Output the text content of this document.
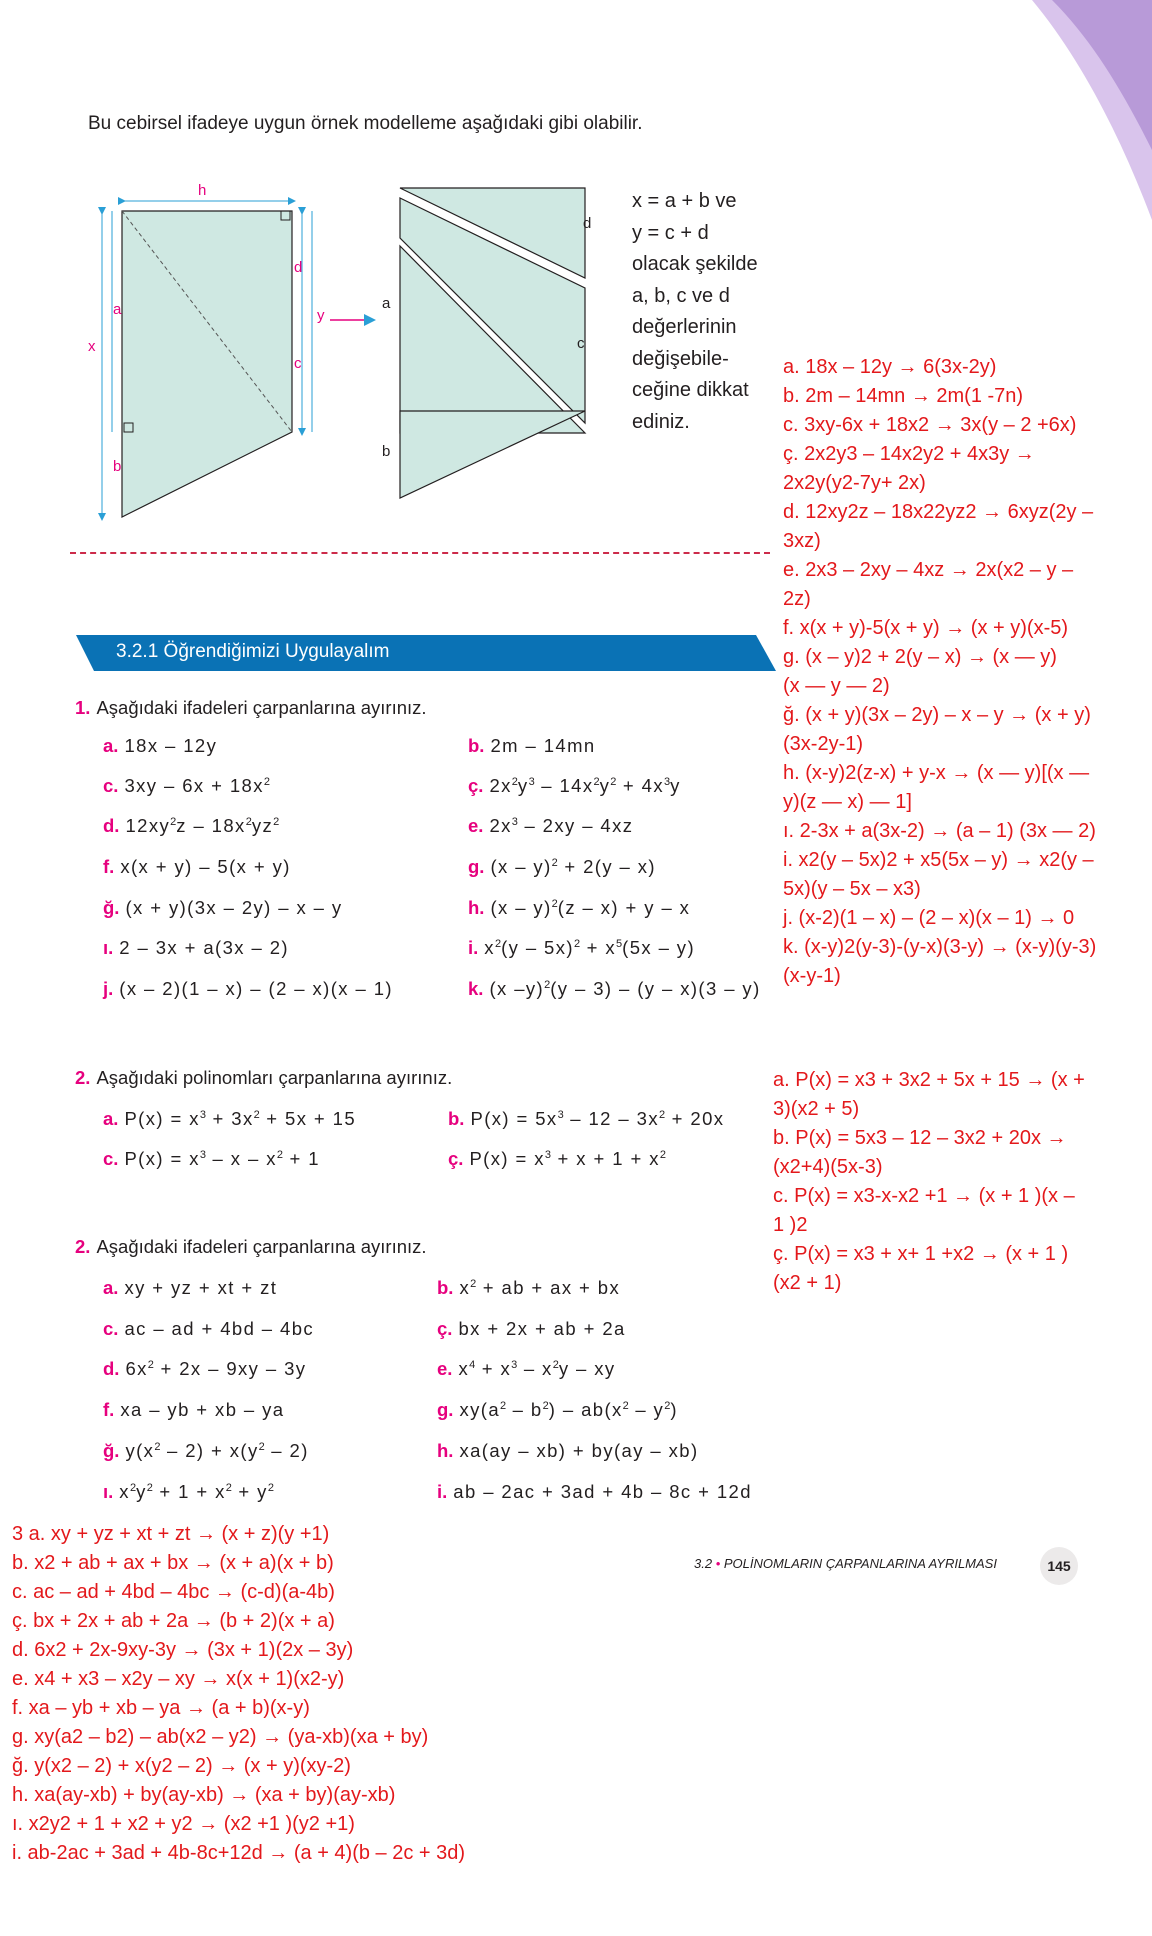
Bu cebirsel ifadeye uygun örnek modelleme aşağıdaki gibi olabilir.
h
x
a
b
d
c
y
a
b
d
c
x = a + b ve
y = c + d
olacak şekilde
a, b, c ve d
değerlerinin
değişebile-
ceğine dikkat
ediniz.
3.2.1 Öğrendiğimizi Uygulayalım
1. Aşağıdaki ifadeleri çarpanlarına ayırınız.
a. 18x – 12y	b. 2m – 14mn
c. $3xy - 6x + 18x^2$	ç. $2x^2y^3 - 14x^2y^2 + 4x^3y$
d. $12xy^2z - 18x^2yz^2$	e. $2x^3 - 2xy - 4xz$
f. x(x + y) – 5(x + y)	g. (x – y)$^2$ + 2(y – x)
ğ. (x + y)(3x – 2y) – x – y	h. (x – y)$^2$(z – x) + y – x
ı. 2 – 3x + a(3x – 2)	i. $x^2(y - 5x)^2 + x^5(5x - y)$
j. (x – 2)(1 – x) – (2 – x)(x – 1)	k. (x –y)$^2$(y – 3) – (y – x)(3 – y)
a. 18x – 12y → 6(3x-2y)
b. 2m – 14mn → 2m(1 -7n)
c. 3xy-6x + 18x2 → 3x(y – 2 +6x)
ç. 2x2y3 – 14x2y2 + 4x3y →
2x2y(y2-7y+ 2x)
d. 12xy2z – 18x22yz2 → 6xyz(2y –
3xz)
e. 2x3 – 2xy – 4xz → 2x(x2 – y –
2z)
f. x(x + y)-5(x + y) → (x + y)(x-5)
g. (x – y)2 + 2(y – x) → (x — y)
(x — y — 2)
ğ. (x + y)(3x – 2y) – x – y → (x + y)
(3x-2y-1)
h. (x-y)2(z-x) + y-x → (x — y)[(x —
y)(z — x) — 1]
ı. 2-3x + a(3x-2) → (a – 1) (3x — 2)
i. x2(y – 5x)2 + x5(5x – y) → x2(y –
5x)(y – 5x – x3)
j. (x-2)(1 – x) – (2 – x)(x – 1) → 0
k. (x-y)2(y-3)-(y-x)(3-y) → (x-y)(y-3)
(x-y-1)
2. Aşağıdaki polinomları çarpanlarına ayırınız.
a. $P(x) = x^3 + 3x^2 + 5x + 15$	b. $P(x) = 5x^3 - 12 - 3x^2 + 20x$
c. $P(x) = x^3 - x - x^2 + 1$	ç. $P(x) = x^3 + x + 1 + x^2$
a. P(x) = x3 + 3x2 + 5x + 15 → (x +
3)(x2 + 5)
b. P(x) = 5x3 – 12 – 3x2 + 20x →
(x2+4)(5x-3)
c. P(x) = x3-x-x2 +1 → (x + 1 )(x –
1 )2
ç. P(x) = x3 + x+ 1 +x2 → (x + 1 )
(x2 + 1)
2. Aşağıdaki ifadeleri çarpanlarına ayırınız.
a. xy + yz + xt + zt	b. $x^2$ + ab + ax + bx
c. ac – ad + 4bd – 4bc	ç. bx + 2x + ab + 2a
d. $6x^2 + 2x - 9xy - 3y$	e. $x^4 + x^3 - x^2y$ – xy
f. xa – yb + xb – ya	g. $xy(a^2 - b^2) - ab(x^2 - y^2)$
ğ. $y(x^2 - 2) + x(y^2 - 2)$	h. xa(ay – xb) + by(ay – xb)
ı. $x^2y^2 + 1 + x^2 + y^2$	i. ab – 2ac + 3ad + 4b – 8c + 12d
3 a. xy + yz + xt + zt → (x + z)(y +1)
b. x2 + ab + ax + bx → (x + a)(x + b)
c. ac – ad + 4bd – 4bc → (c-d)(a-4b)
ç. bx + 2x + ab + 2a → (b + 2)(x + a)
d. 6x2 + 2x-9xy-3y → (3x + 1)(2x – 3y)
e. x4 + x3 – x2y – xy → x(x + 1)(x2-y)
f. xa – yb + xb – ya → (a + b)(x-y)
g. xy(a2 – b2) – ab(x2 – y2) → (ya-xb)(xa + by)
ğ. y(x2 – 2) + x(y2 – 2) → (x + y)(xy-2)
h. xa(ay-xb) + by(ay-xb) → (xa + by)(ay-xb)
ı. x2y2 + 1 + x2 + y2 → (x2 +1 )(y2 +1)
i. ab-2ac + 3ad + 4b-8c+12d → (a + 4)(b – 2c + 3d)
3.2 • POLİNOMLARIN ÇARPANLARINA AYRILMASI	145
